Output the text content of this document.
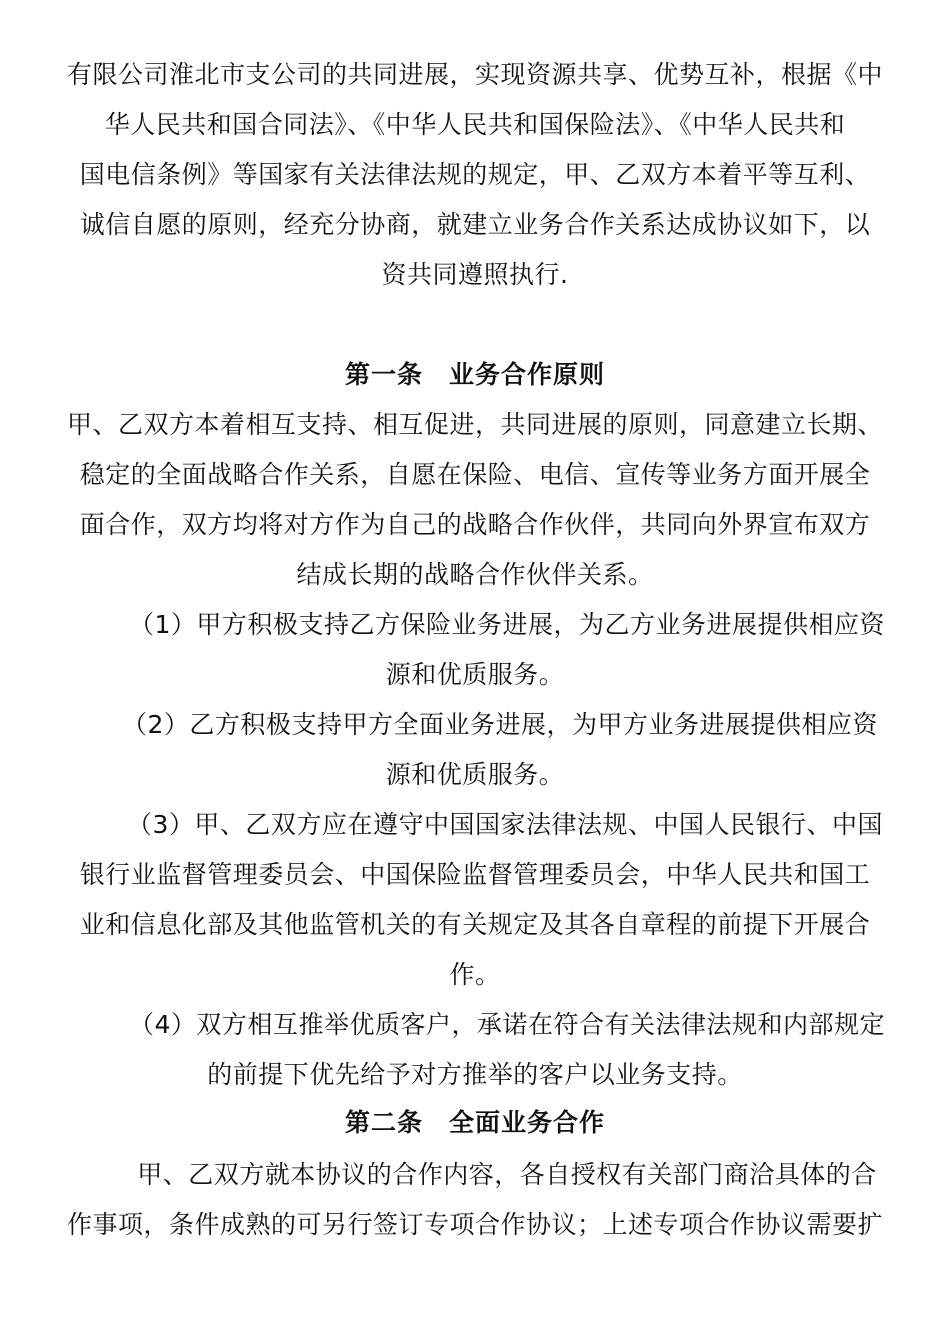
有限公司淮北市支公司的共同进展，实现资源共享、优势互补，根据《中
华人民共和国合同法》、《中华人民共和国保险法》、《中华人民共和
国电信条例》等国家有关法律法规的规定，甲、乙双方本着平等互利、
诚信自愿的原则，经充分协商，就建立业务合作关系达成协议如下，以
资共同遵照执行.
第一条 业务合作原则
甲、乙双方本着相互支持、相互促进，共同进展的原则，同意建立长期、
稳定的全面战略合作关系，自愿在保险、电信、宣传等业务方面开展全
面合作，双方均将对方作为自己的战略合作伙伴，共同向外界宣布双方
结成长期的战略合作伙伴关系。
（1）甲方积极支持乙方保险业务进展，为乙方业务进展提供相应资
源和优质服务。
（2）乙方积极支持甲方全面业务进展，为甲方业务进展提供相应资
源和优质服务。
（3）甲、乙双方应在遵守中国国家法律法规、中国人民银行、中国
银行业监督管理委员会、中国保险监督管理委员会，中华人民共和国工
业和信息化部及其他监管机关的有关规定及其各自章程的前提下开展合
作。
（4）双方相互推举优质客户，承诺在符合有关法律法规和内部规定
的前提下优先给予对方推举的客户以业务支持。
第二条 全面业务合作
甲、乙双方就本协议的合作内容，各自授权有关部门商洽具体的合
作事项，条件成熟的可另行签订专项合作协议；上述专项合作协议需要扩
